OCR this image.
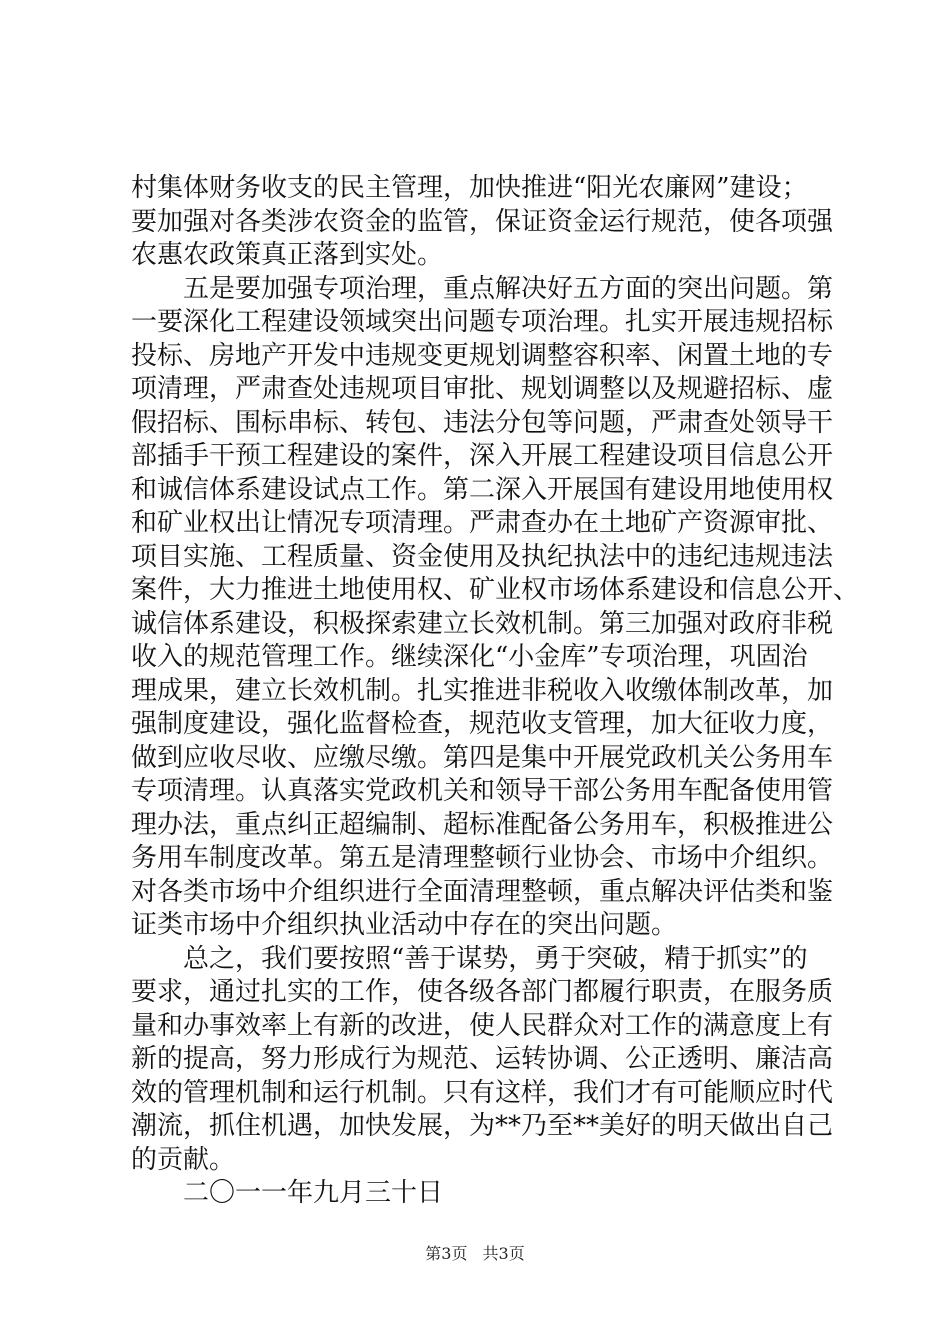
村集体财务收支的民主管理，加快推进“阳光农廉网”建设；
要加强对各类涉农资金的监管，保证资金运行规范，使各项强
农惠农政策真正落到实处。
　　五是要加强专项治理，重点解决好五方面的突出问题。第
一要深化工程建设领域突出问题专项治理。扎实开展违规招标
投标、房地产开发中违规变更规划调整容积率、闲置土地的专
项清理，严肃查处违规项目审批、规划调整以及规避招标、虚
假招标、围标串标、转包、违法分包等问题，严肃查处领导干
部插手干预工程建设的案件，深入开展工程建设项目信息公开
和诚信体系建设试点工作。第二深入开展国有建设用地使用权
和矿业权出让情况专项清理。严肃查办在土地矿产资源审批、
项目实施、工程质量、资金使用及执纪执法中的违纪违规违法
案件，大力推进土地使用权、矿业权市场体系建设和信息公开、
诚信体系建设，积极探索建立长效机制。第三加强对政府非税
收入的规范管理工作。继续深化“小金库”专项治理，巩固治
理成果，建立长效机制。扎实推进非税收入收缴体制改革，加
强制度建设，强化监督检查，规范收支管理，加大征收力度，
做到应收尽收、应缴尽缴。第四是集中开展党政机关公务用车
专项清理。认真落实党政机关和领导干部公务用车配备使用管
理办法，重点纠正超编制、超标准配备公务用车，积极推进公
务用车制度改革。第五是清理整顿行业协会、市场中介组织。
对各类市场中介组织进行全面清理整顿，重点解决评估类和鉴
证类市场中介组织执业活动中存在的突出问题。
　　总之，我们要按照“善于谋势，勇于突破，精于抓实”的
要求，通过扎实的工作，使各级各部门都履行职责，在服务质
量和办事效率上有新的改进，使人民群众对工作的满意度上有
新的提高，努力形成行为规范、运转协调、公正透明、廉洁高
效的管理机制和运行机制。只有这样，我们才有可能顺应时代
潮流，抓住机遇，加快发展，为**乃至**美好的明天做出自己
的贡献。
　　二〇一一年九月三十日
第3页 共3页
